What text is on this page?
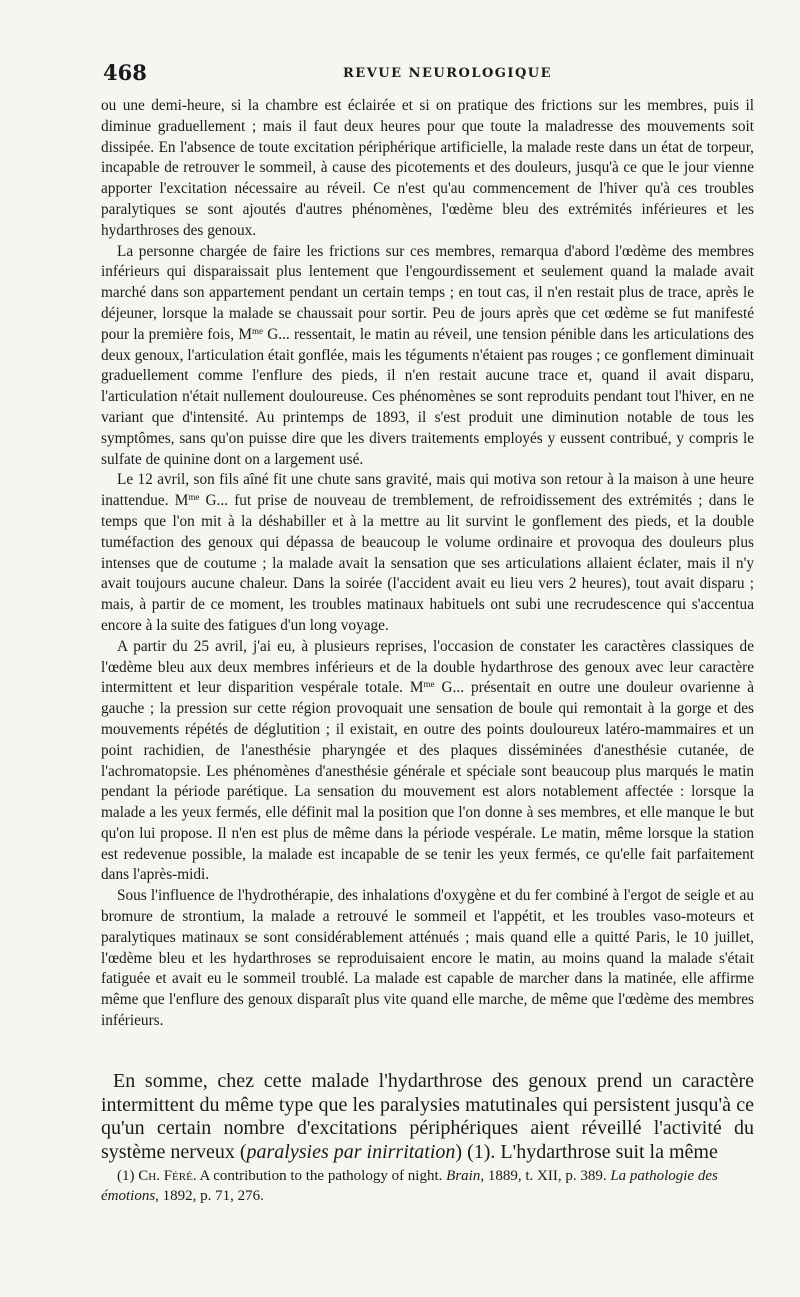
468	REVUE NEUROLOGIQUE

ou une demi-heure, si la chambre est éclairée et si on pratique des frictions sur les membres, puis il diminue graduellement ; mais il faut deux heures pour que toute la maladresse des mouvements soit dissipée. En l'absence de toute excitation périphérique artificielle, la malade reste dans un état de torpeur, incapable de retrouver le sommeil, à cause des picotements et des douleurs, jusqu'à ce que le jour vienne apporter l'excitation nécessaire au réveil. Ce n'est qu'au commencement de l'hiver qu'à ces troubles paralytiques se sont ajoutés d'autres phénomènes, l'œdème bleu des extrémités inférieures et les hydarthroses des genoux.

La personne chargée de faire les frictions sur ces membres, remarqua d'abord l'œdème des membres inférieurs qui disparaissait plus lentement que l'engourdissement et seulement quand la malade avait marché dans son appartement pendant un certain temps ; en tout cas, il n'en restait plus de trace, après le déjeuner, lorsque la malade se chaussait pour sortir. Peu de jours après que cet œdème se fut manifesté pour la première fois, $M^{me}$ G... ressentait, le matin au réveil, une tension pénible dans les articulations des deux genoux, l'articulation était gonflée, mais les téguments n'étaient pas rouges ; ce gonflement diminuait graduellement comme l'enflure des pieds, il n'en restait aucune trace et, quand il avait disparu, l'articulation n'était nullement douloureuse. Ces phénomènes se sont reproduits pendant tout l'hiver, en ne variant que d'intensité. Au printemps de 1893, il s'est produit une diminution notable de tous les symptômes, sans qu'on puisse dire que les divers traitements employés y eussent contribué, y compris le sulfate de quinine dont on a largement usé.

Le 12 avril, son fils aîné fit une chute sans gravité, mais qui motiva son retour à la maison à une heure inattendue. $M^{me}$ G... fut prise de nouveau de tremblement, de refroidissement des extrémités ; dans le temps que l'on mit à la déshabiller et à la mettre au lit survint le gonflement des pieds, et la double tuméfaction des genoux qui dépassa de beaucoup le volume ordinaire et provoqua des douleurs plus intenses que de coutume ; la malade avait la sensation que ses articulations allaient éclater, mais il n'y avait toujours aucune chaleur. Dans la soirée (l'accident avait eu lieu vers 2 heures), tout avait disparu ; mais, à partir de ce moment, les troubles matinaux habituels ont subi une recrudescence qui s'accentua encore à la suite des fatigues d'un long voyage.

A partir du 25 avril, j'ai eu, à plusieurs reprises, l'occasion de constater les caractères classiques de l'œdème bleu aux deux membres inférieurs et de la double hydarthrose des genoux avec leur caractère intermittent et leur disparition vespérale totale. $M^{me}$ G... présentait en outre une douleur ovarienne à gauche ; la pression sur cette région provoquait une sensation de boule qui remontait à la gorge et des mouvements répétés de déglutition ; il existait, en outre des points douloureux latéro-mammaires et un point rachidien, de l'anesthésie pharyngée et des plaques disséminées d'anesthésie cutanée, de l'achromatopsie. Les phénomènes d'anesthésie générale et spéciale sont beaucoup plus marqués le matin pendant la période parétique. La sensation du mouvement est alors notablement affectée : lorsque la malade a les yeux fermés, elle définit mal la position que l'on donne à ses membres, et elle manque le but qu'on lui propose. Il n'en est plus de même dans la période vespérale. Le matin, même lorsque la station est redevenue possible, la malade est incapable de se tenir les yeux fermés, ce qu'elle fait parfaitement dans l'après-midi.

Sous l'influence de l'hydrothérapie, des inhalations d'oxygène et du fer combiné à l'ergot de seigle et au bromure de strontium, la malade a retrouvé le sommeil et l'appétit, et les troubles vaso-moteurs et paralytiques matinaux se sont considérablement atténués ; mais quand elle a quitté Paris, le 10 juillet, l'œdème bleu et les hydarthroses se reproduisaient encore le matin, au moins quand la malade s'était fatiguée et avait eu le sommeil troublé. La malade est capable de marcher dans la matinée, elle affirme même que l'enflure des genoux disparaît plus vite quand elle marche, de même que l'œdème des membres inférieurs.

En somme, chez cette malade l'hydarthrose des genoux prend un caractère intermittent du même type que les paralysies matutinales qui persistent jusqu'à ce qu'un certain nombre d'excitations périphériques aient réveillé l'activité du système nerveux (paralysies par inirritation) (1). L'hydarthrose suit la même

(1) Ch. Féré. A contribution to the pathology of night. Brain, 1889, t. XII, p. 389. La pathologie des émotions, 1892, p. 71, 276.
